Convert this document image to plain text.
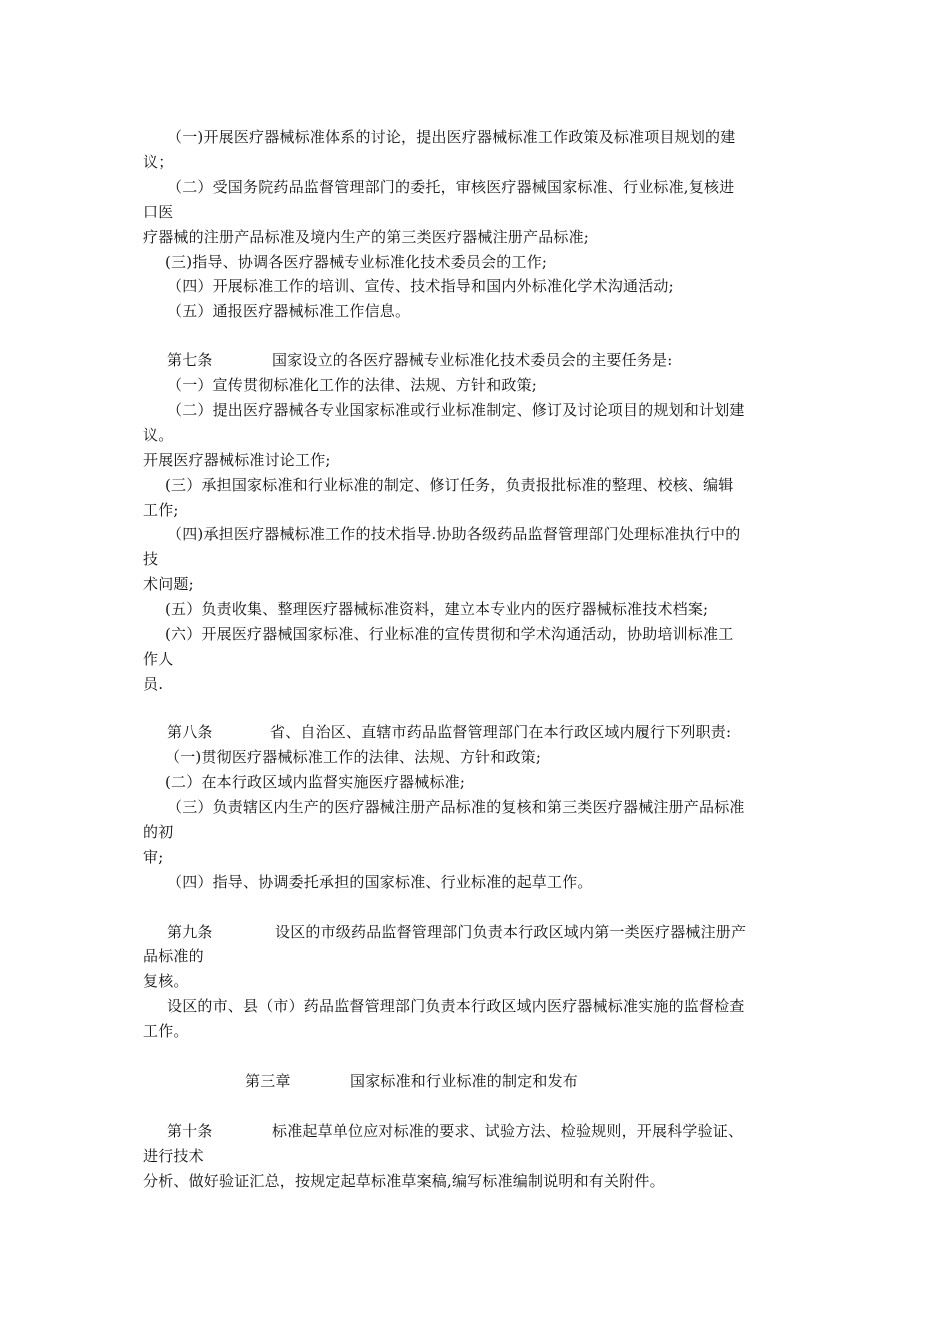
（一)开展医疗器械标准体系的讨论，提出医疗器械标准工作政策及标准项目规划的建
议；
（二）受国务院药品监督管理部门的委托，审核医疗器械国家标准、行业标准,复核进
口医
疗器械的注册产品标准及境内生产的第三类医疗器械注册产品标准;
(三)指导、协调各医疗器械专业标准化技术委员会的工作;
（四）开展标准工作的培训、宣传、技术指导和国内外标准化学术沟通活动;
（五）通报医疗器械标准工作信息。
第七条	国家设立的各医疗器械专业标准化技术委员会的主要任务是:
（一）宣传贯彻标准化工作的法律、法规、方针和政策;
（二）提出医疗器械各专业国家标准或行业标准制定、修订及讨论项目的规划和计划建
议。
开展医疗器械标准讨论工作;
(三）承担国家标准和行业标准的制定、修订任务，负责报批标准的整理、校核、编辑
工作;
（四)承担医疗器械标准工作的技术指导.协助各级药品监督管理部门处理标准执行中的
技
术问题;
(五）负责收集、整理医疗器械标准资料，建立本专业内的医疗器械标准技术档案;
(六）开展医疗器械国家标准、行业标准的宣传贯彻和学术沟通活动，协助培训标准工
作人
员.
第八条	省、自治区、直辖市药品监督管理部门在本行政区域内履行下列职责:
（一)贯彻医疗器械标准工作的法律、法规、方针和政策;
(二）在本行政区域内监督实施医疗器械标准;
（三）负责辖区内生产的医疗器械注册产品标准的复核和第三类医疗器械注册产品标准
的初
审;
（四）指导、协调委托承担的国家标准、行业标准的起草工作。
第九条	设区的市级药品监督管理部门负责本行政区域内第一类医疗器械注册产
品标准的
复核。
设区的市、县（市）药品监督管理部门负责本行政区域内医疗器械标准实施的监督检查
工作。
第三章	国家标准和行业标准的制定和发布
第十条	标准起草单位应对标准的要求、试验方法、检验规则，开展科学验证、
进行技术
分析、做好验证汇总，按规定起草标准草案稿,编写标准编制说明和有关附件。
